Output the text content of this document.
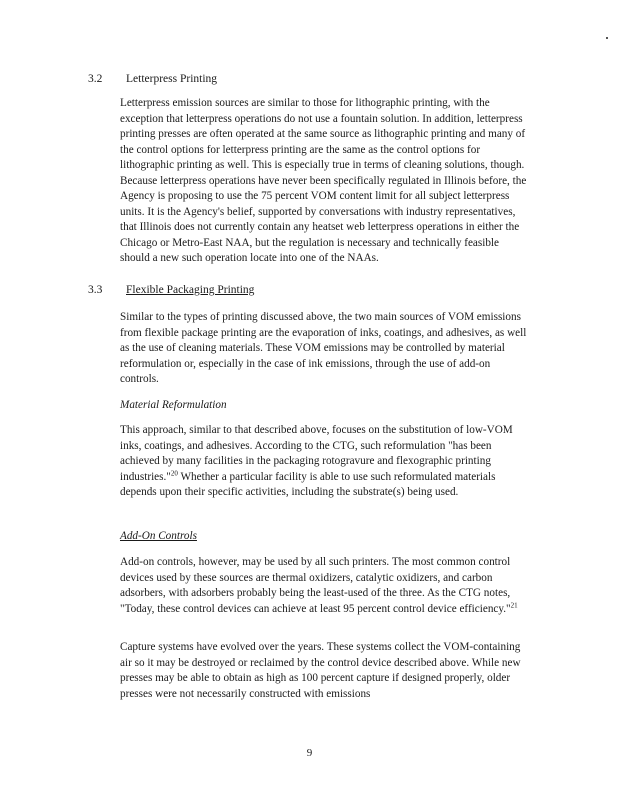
3.2 Letterpress Printing

Letterpress emission sources are similar to those for lithographic printing, with the exception that letterpress operations do not use a fountain solution. In addition, letterpress printing presses are often operated at the same source as lithographic printing and many of the control options for letterpress printing are the same as the control options for lithographic printing as well. This is especially true in terms of cleaning solutions, though. Because letterpress operations have never been specifically regulated in Illinois before, the Agency is proposing to use the 75 percent VOM content limit for all subject letterpress units. It is the Agency's belief, supported by conversations with industry representatives, that Illinois does not currently contain any heatset web letterpress operations in either the Chicago or Metro-East NAA, but the regulation is necessary and technically feasible should a new such operation locate into one of the NAAs.

3.3 Flexible Packaging Printing

Similar to the types of printing discussed above, the two main sources of VOM emissions from flexible package printing are the evaporation of inks, coatings, and adhesives, as well as the use of cleaning materials. These VOM emissions may be controlled by material reformulation or, especially in the case of ink emissions, through the use of add-on controls.

Material Reformulation

This approach, similar to that described above, focuses on the substitution of low-VOM inks, coatings, and adhesives. According to the CTG, such reformulation "has been achieved by many facilities in the packaging rotogravure and flexographic printing industries."$^{20}$ Whether a particular facility is able to use such reformulated materials depends upon their specific activities, including the substrate(s) being used.

Add-On Controls

Add-on controls, however, may be used by all such printers. The most common control devices used by these sources are thermal oxidizers, catalytic oxidizers, and carbon adsorbers, with adsorbers probably being the least-used of the three. As the CTG notes, "Today, these control devices can achieve at least 95 percent control device efficiency."$^{21}$

Capture systems have evolved over the years. These systems collect the VOM-containing air so it may be destroyed or reclaimed by the control device described above. While new presses may be able to obtain as high as 100 percent capture if designed properly, older presses were not necessarily constructed with emissions

9
